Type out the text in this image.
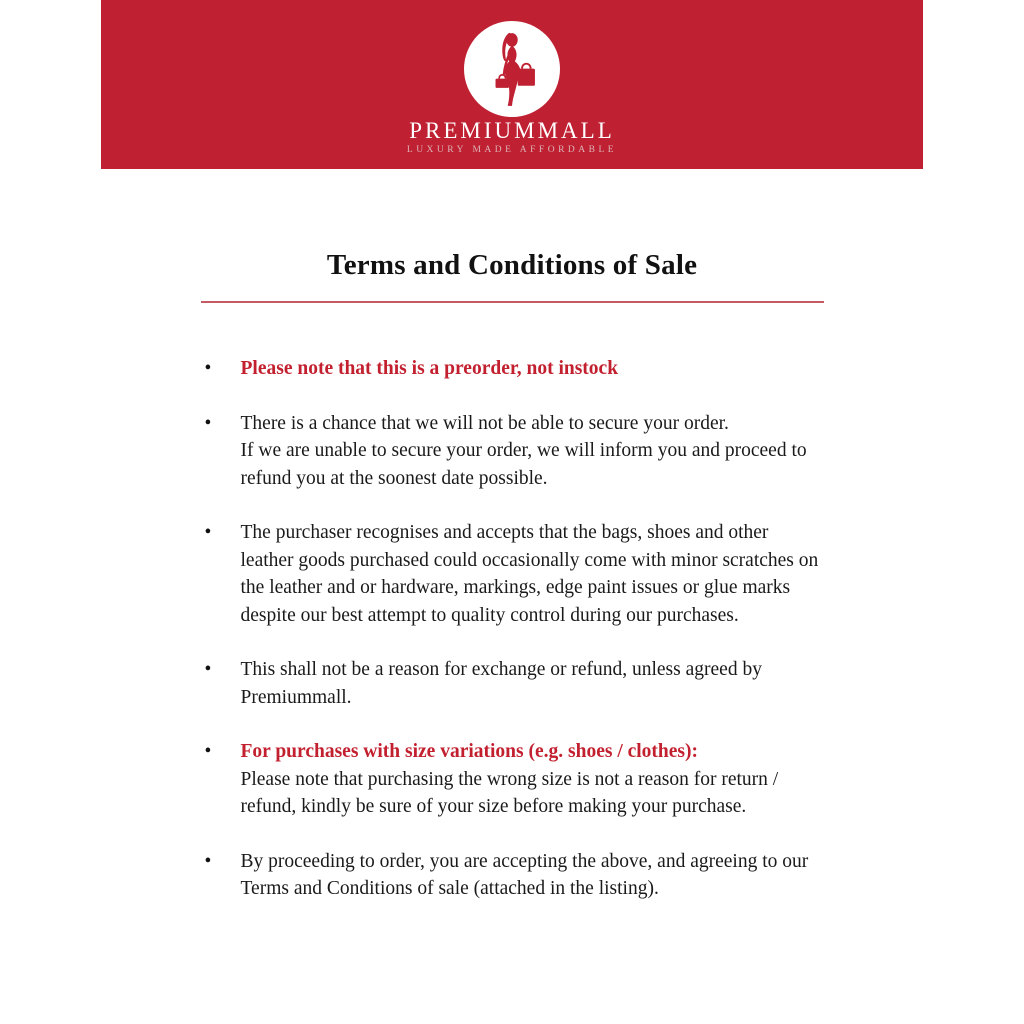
PREMIUMMALL
LUXURY MADE AFFORDABLE
Terms and Conditions of Sale
• Please note that this is a preorder, not instock
• There is a chance that we will not be able to secure your order.
If we are unable to secure your order, we will inform you and proceed to refund you at the soonest date possible.
• The purchaser recognises and accepts that the bags, shoes and other leather goods purchased could occasionally come with minor scratches on the leather and or hardware, markings, edge paint issues or glue marks despite our best attempt to quality control during our purchases.
• This shall not be a reason for exchange or refund, unless agreed by Premiummall.
• For purchases with size variations (e.g. shoes / clothes):
Please note that purchasing the wrong size is not a reason for return / refund, kindly be sure of your size before making your purchase.
• By proceeding to order, you are accepting the above, and agreeing to our Terms and Conditions of sale (attached in the listing).
